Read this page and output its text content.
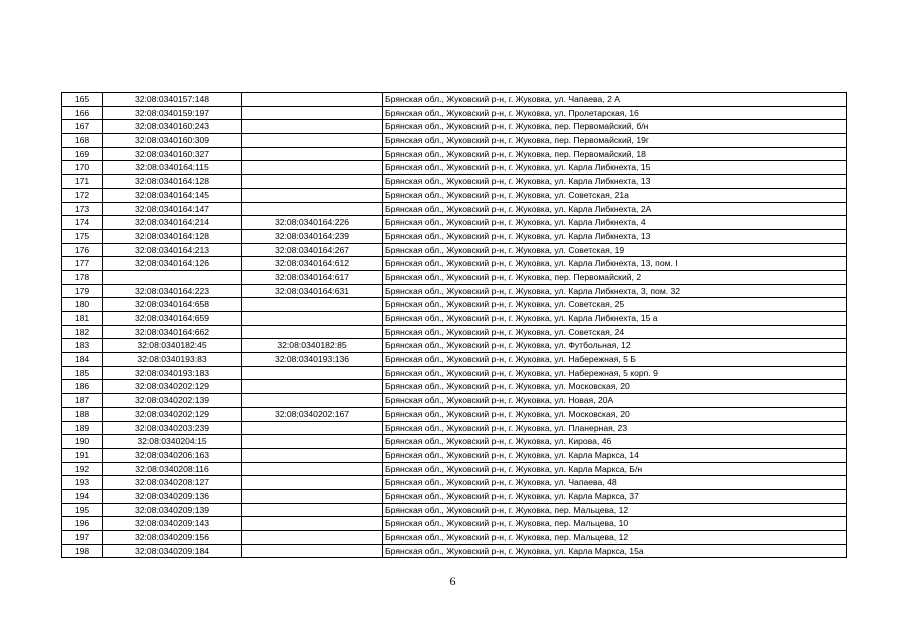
165	32:08:0340157:148		Брянская обл., Жуковский р-н, г. Жуковка, ул. Чапаева, 2 А
166	32:08:0340159:197		Брянская обл., Жуковский р-н, г. Жуковка, ул. Пролетарская, 16
167	32:08:0340160:243		Брянская обл., Жуковский р-н, г. Жуковка, пер. Первомайский, б/н
168	32:08:0340160:309		Брянская обл., Жуковский р-н, г. Жуковка, пер. Первомайский, 19г
169	32:08:0340160:327		Брянская обл., Жуковский р-н, г. Жуковка, пер. Первомайский, 18
170	32:08:0340164:115		Брянская обл., Жуковский р-н, г. Жуковка, ул. Карла Либкнехта, 15
171	32:08:0340164:128		Брянская обл., Жуковский р-н, г. Жуковка, ул. Карла Либкнехта, 13
172	32:08:0340164:145		Брянская обл., Жуковский р-н, г. Жуковка, ул. Советская, 21а
173	32:08:0340164:147		Брянская обл., Жуковский р-н, г. Жуковка, ул. Карла Либкнехта, 2А
174	32:08:0340164:214	32:08:0340164:226	Брянская обл., Жуковский р-н, г. Жуковка, ул. Карла Либкнехта, 4
175	32:08:0340164:128	32:08:0340164:239	Брянская обл., Жуковский р-н, г. Жуковка, ул. Карла Либкнехта, 13
176	32:08:0340164:213	32:08:0340164:267	Брянская обл., Жуковский р-н, г. Жуковка, ул. Советская, 19
177	32:08:0340164:126	32:08:0340164:612	Брянская обл., Жуковский р-н, г. Жуковка, ул. Карла Либкнехта, 13, пом. I
178		32:08:0340164:617	Брянская обл., Жуковский р-н, г. Жуковка, пер. Первомайский, 2
179	32:08:0340164:223	32:08:0340164:631	Брянская обл., Жуковский р-н, г. Жуковка, ул. Карла Либкнехта, 3, пом. 32
180	32:08:0340164:658		Брянская обл., Жуковский р-н, г. Жуковка, ул. Советская, 25
181	32:08:0340164:659		Брянская обл., Жуковский р-н, г. Жуковка, ул. Карла Либкнехта, 15 а
182	32:08:0340164:662		Брянская обл., Жуковский р-н, г. Жуковка, ул. Советская, 24
183	32:08:0340182:45	32:08:0340182:85	Брянская обл., Жуковский р-н, г. Жуковка, ул. Футбольная, 12
184	32:08:0340193:83	32:08:0340193:136	Брянская обл., Жуковский р-н, г. Жуковка, ул. Набережная, 5 Б
185	32:08:0340193:183		Брянская обл., Жуковский р-н, г. Жуковка, ул. Набережная, 5 корп. 9
186	32:08:0340202:129		Брянская обл., Жуковский р-н, г. Жуковка, ул. Московская, 20
187	32:08:0340202:139		Брянская обл., Жуковский р-н, г. Жуковка, ул. Новая, 20А
188	32:08:0340202:129	32:08:0340202:167	Брянская обл., Жуковский р-н, г. Жуковка, ул. Московская, 20
189	32:08:0340203:239		Брянская обл., Жуковский р-н, г. Жуковка, ул. Планерная, 23
190	32:08:0340204:15		Брянская обл., Жуковский р-н, г. Жуковка, ул. Кирова, 46
191	32:08:0340206:163		Брянская обл., Жуковский р-н, г. Жуковка, ул. Карла Маркса, 14
192	32:08:0340208:116		Брянская обл., Жуковский р-н, г. Жуковка, ул. Карла Маркса, Б/н
193	32:08:0340208:127		Брянская обл., Жуковский р-н, г. Жуковка, ул. Чапаева, 48
194	32:08:0340209:136		Брянская обл., Жуковский р-н, г. Жуковка, ул. Карла Маркса, 37
195	32:08:0340209:139		Брянская обл., Жуковский р-н, г. Жуковка, пер. Мальцева, 12
196	32:08:0340209:143		Брянская обл., Жуковский р-н, г. Жуковка, пер. Мальцева, 10
197	32:08:0340209:156		Брянская обл., Жуковский р-н, г. Жуковка, пер. Мальцева, 12
198	32:08:0340209:184		Брянская обл., Жуковский р-н, г. Жуковка, ул. Карла Маркса, 15а
6
